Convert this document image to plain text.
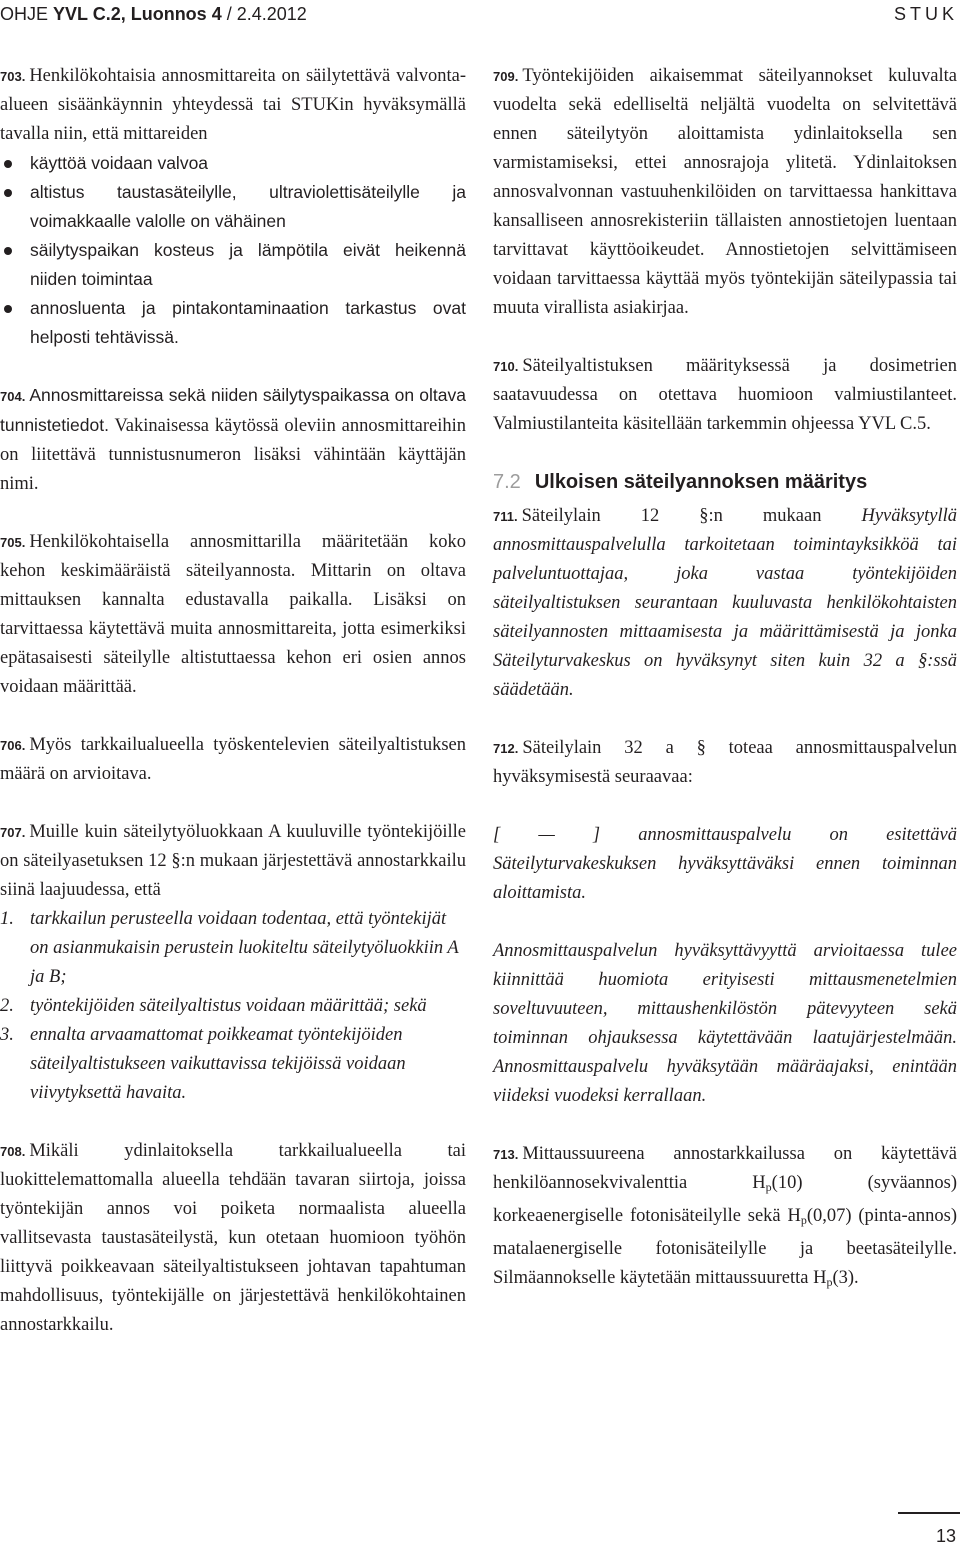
OHJE YVL C.2, Luonnos 4 / 2.4.2012	STUK

703. Henkilökohtaisia annosmittareita on säilytettävä valvonta-alueen sisäänkäynnin yhteydessä tai STUKin hyväksymällä tavalla niin, että mittareiden

käyttöä voidaan valvoa
altistus taustasäteilylle, ultraviolettisäteilylle ja voimakkaalle valolle on vähäinen
säilytyspaikan kosteus ja lämpötila eivät heikennä niiden toimintaa
annosluenta ja pintakontaminaation tarkastus ovat helposti tehtävissä.

704. Annosmittareissa sekä niiden säilytyspaikassa on oltava tunnistetiedot. Vakinaisessa käytössä oleviin annosmittareihin on liitettävä tunnistusnumeron lisäksi vähintään käyttäjän nimi.

705. Henkilökohtaisella annosmittarilla määritetään koko kehon keskimääräistä säteilyannosta. Mittarin on oltava mittauksen kannalta edustavalla paikalla. Lisäksi on tarvittaessa käytettävä muita annosmittareita, jotta esimerkiksi epätasaisesti säteilylle altistuttaessa kehon eri osien annos voidaan määrittää.

706. Myös tarkkailualueella työskentelevien säteilyaltistuksen määrä on arvioitava.

707. Muille kuin säteilytyöluokkaan A kuuluville työntekijöille on säteilyasetuksen 12 §:n mukaan järjestettävä annostarkkailu siinä laajuudessa, että

1. tarkkailun perusteella voidaan todentaa, että työntekijät on asianmukaisin perustein luokiteltu säteilytyöluokkiin A ja B;
2. työntekijöiden säteilyaltistus voidaan määrittää; sekä
3. ennalta arvaamattomat poikkeamat työntekijöiden säteilyaltistukseen vaikuttavissa tekijöissä voidaan viivytyksettä havaita.

708. Mikäli ydinlaitoksella tarkkailualueella tai luokittelemattomalla alueella tehdään tavaran siirtoja, joissa työntekijän annos voi poiketa normaalista alueella vallitsevasta taustasäteilystä, kun otetaan huomioon työhön liittyvä poikkeavaan säteilyaltistukseen johtavan tapahtuman mahdollisuus, työntekijälle on järjestettävä henkilökohtainen annostarkkailu.

709. Työntekijöiden aikaisemmat säteilyannokset kuluvalta vuodelta sekä edelliseltä neljältä vuodelta on selvitettävä ennen säteilytyön aloittamista ydinlaitoksella sen varmistamiseksi, ettei annosrajoja ylitetä. Ydinlaitoksen annosvalvonnan vastuuhenkilöiden on tarvittaessa hankittava kansalliseen annosrekisteriin tällaisten annostietojen luentaan tarvittavat käyttöoikeudet. Annostietojen selvittämiseen voidaan tarvittaessa käyttää myös työntekijän säteilypassia tai muuta virallista asiakirjaa.

710. Säteilyaltistuksen määrityksessä ja dosimetrien saatavuudessa on otettava huomioon valmiustilanteet. Valmiustilanteita käsitellään tarkemmin ohjeessa YVL C.5.

7.2 Ulkoisen säteilyannoksen määritys

711. Säteilylain 12 §:n mukaan Hyväksytyllä annosmittauspalvelulla tarkoitetaan toimintayksikköä tai palveluntuottajaa, joka vastaa työntekijöiden säteilyaltistuksen seurantaan kuuluvasta henkilökohtaisten säteilyannosten mittaamisesta ja määrittämisestä ja jonka Säteilyturvakeskus on hyväksynyt siten kuin 32 a §:ssä säädetään.

712. Säteilylain 32 a § toteaa annosmittauspalvelun hyväksymisestä seuraavaa:

[ — ] annosmittauspalvelu on esitettävä Säteilyturvakeskuksen hyväksyttäväksi ennen toiminnan aloittamista.

Annosmittauspalvelun hyväksyttävyyttä arvioitaessa tulee kiinnittää huomiota erityisesti mittausmenetelmien soveltuvuuteen, mittaushenkilöstön pätevyyteen sekä toiminnan ohjauksessa käytettävään laatujärjestelmään. Annosmittauspalvelu hyväksytään määräajaksi, enintään viideksi vuodeksi kerrallaan.

713. Mittaussuureena annostarkkailussa on käytettävä henkilöannosekvivalenttia $H_p(10)$ (syväannos) korkeaenergiselle fotonisäteilylle sekä $H_p(0,07)$ (pinta-annos) matalaenergiselle fotonisäteilylle ja beetasäteilylle. Silmäannokselle käytetään mittaussuuretta $H_p(3)$.

13
